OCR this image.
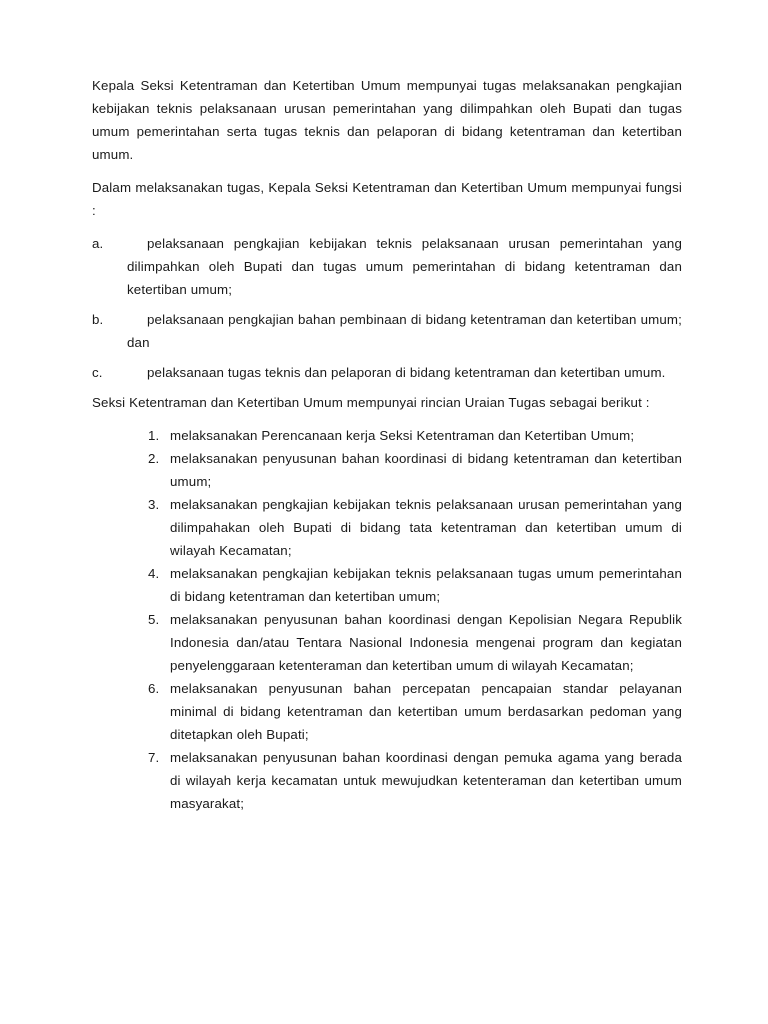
Kepala Seksi Ketentraman dan Ketertiban Umum mempunyai tugas melaksanakan pengkajian kebijakan teknis pelaksanaan urusan pemerintahan yang dilimpahkan oleh Bupati dan tugas umum pemerintahan serta tugas teknis dan pelaporan di bidang ketentraman dan ketertiban umum.

Dalam melaksanakan tugas, Kepala Seksi Ketentraman dan Ketertiban Umum mempunyai fungsi :

a.	pelaksanaan pengkajian kebijakan teknis pelaksanaan urusan pemerintahan yang dilimpahkan oleh Bupati dan tugas umum pemerintahan di bidang ketentraman dan ketertiban umum;
b.	pelaksanaan pengkajian bahan pembinaan di bidang ketentraman dan ketertiban umum; dan
c.	pelaksanaan tugas teknis dan pelaporan di bidang ketentraman dan ketertiban umum.

Seksi Ketentraman dan Ketertiban Umum mempunyai rincian Uraian Tugas sebagai berikut :

1. melaksanakan Perencanaan kerja Seksi Ketentraman dan Ketertiban Umum;
2. melaksanakan penyusunan bahan koordinasi di bidang ketentraman dan ketertiban umum;
3. melaksanakan pengkajian kebijakan teknis pelaksanaan urusan pemerintahan yang dilimpahakan oleh Bupati di bidang tata ketentraman dan ketertiban umum di wilayah Kecamatan;
4. melaksanakan pengkajian kebijakan teknis pelaksanaan tugas umum pemerintahan di bidang ketentraman dan ketertiban umum;
5. melaksanakan penyusunan bahan koordinasi dengan Kepolisian Negara Republik Indonesia dan/atau Tentara Nasional Indonesia mengenai program dan kegiatan penyelenggaraan ketenteraman dan ketertiban umum di wilayah Kecamatan;
6. melaksanakan penyusunan bahan percepatan pencapaian standar pelayanan minimal di bidang ketentraman dan ketertiban umum berdasarkan pedoman yang ditetapkan oleh Bupati;
7. melaksanakan penyusunan bahan koordinasi dengan pemuka agama yang berada di wilayah kerja kecamatan untuk mewujudkan ketenteraman dan ketertiban umum masyarakat;
